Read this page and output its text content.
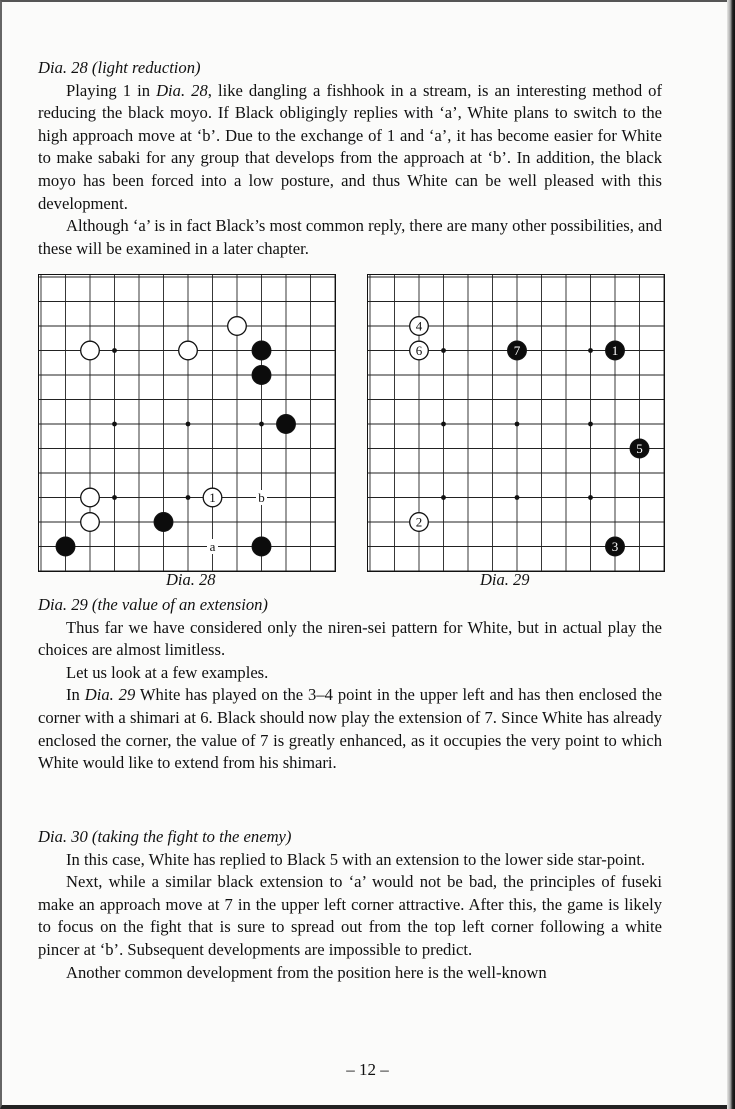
Dia. 28 (light reduction)

Playing 1 in Dia. 28, like dangling a fishhook in a stream, is an interesting method of reducing the black moyo. If Black obligingly replies with ‘a’, White plans to switch to the high approach move at ‘b’. Due to the exchange of 1 and ‘a’, it has become easier for White to make sabaki for any group that develops from the approach at ‘b’. In addition, the black moyo has been forced into a low posture, and thus White can be well pleased with this development.

Although ‘a’ is in fact Black’s most common reply, there are many other possibilities, and these will be examined in a later chapter.

1	b
a
4
6	7	1
5
2
3
Dia. 28	Dia. 29

Dia. 29 (the value of an extension)

Thus far we have considered only the niren-sei pattern for White, but in actual play the choices are almost limitless.

Let us look at a few examples.

In Dia. 29 White has played on the 3–4 point in the upper left and has then enclosed the corner with a shimari at 6. Black should now play the extension of 7. Since White has already enclosed the corner, the value of 7 is greatly enhanced, as it occupies the very point to which White would like to extend from his shimari.

Dia. 30 (taking the fight to the enemy)

In this case, White has replied to Black 5 with an extension to the lower side star-point.

Next, while a similar black extension to ‘a’ would not be bad, the principles of fuseki make an approach move at 7 in the upper left corner attractive. After this, the game is likely to focus on the fight that is sure to spread out from the top left corner following a white pincer at ‘b’. Subsequent developments are impossible to predict.

Another common development from the position here is the well-known

– 12 –
